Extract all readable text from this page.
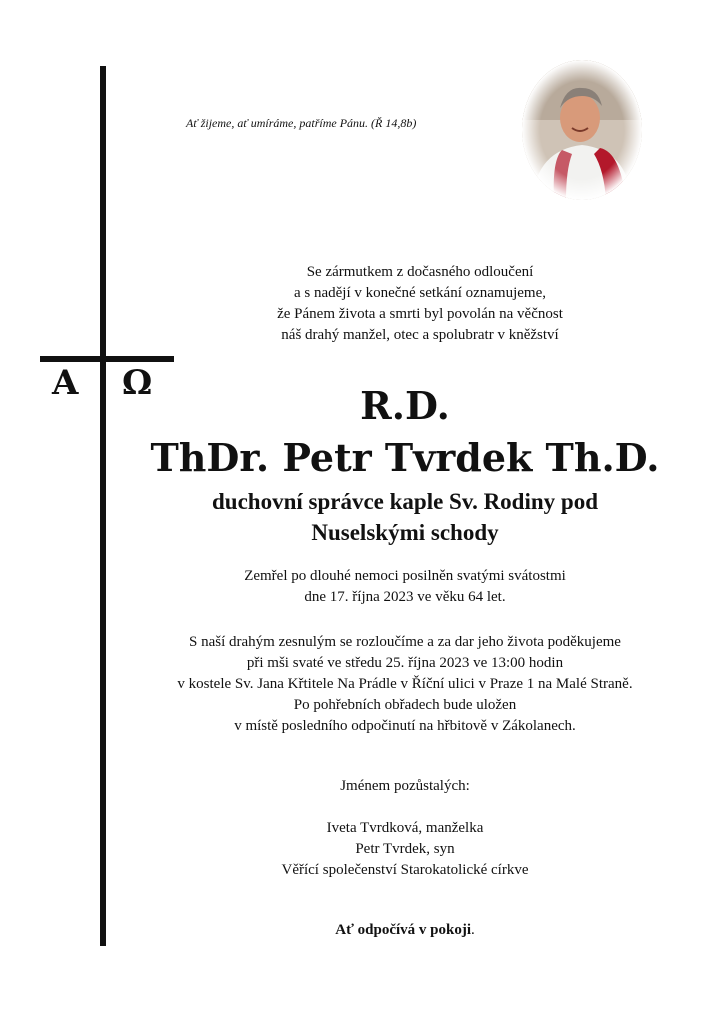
A Ω
Ať žijeme, ať umíráme, patříme Pánu. (Ř 14,8b)

Se zármutkem z dočasného odloučení

a s nadějí v konečné setkání oznamujeme,

že Pánem života a smrti byl povolán na věčnost

náš drahý manžel, otec a spolubratr v kněžství

R.D.
ThDr. Petr Tvrdek Th.D.

duchovní správce kaple Sv. Rodiny pod

Nuselskými schody

Zemřel po dlouhé nemoci posilněn svatými svátostmi

dne 17. října 2023 ve věku 64 let.

S naší drahým zesnulým se rozloučíme a za dar jeho života poděkujeme

při mši svaté ve středu 25. října 2023 ve 13:00 hodin

v kostele Sv. Jana Křtitele Na Prádle v Říční ulici v Praze 1 na Malé Straně.

Po pohřebních obřadech bude uložen

v místě posledního odpočinutí na hřbitově v Zákolanech.

Jménem pozůstalých:

Iveta Tvrdková, manželka

Petr Tvrdek, syn

Věřící společenství Starokatolické církve

Ať odpočívá v pokoji.
